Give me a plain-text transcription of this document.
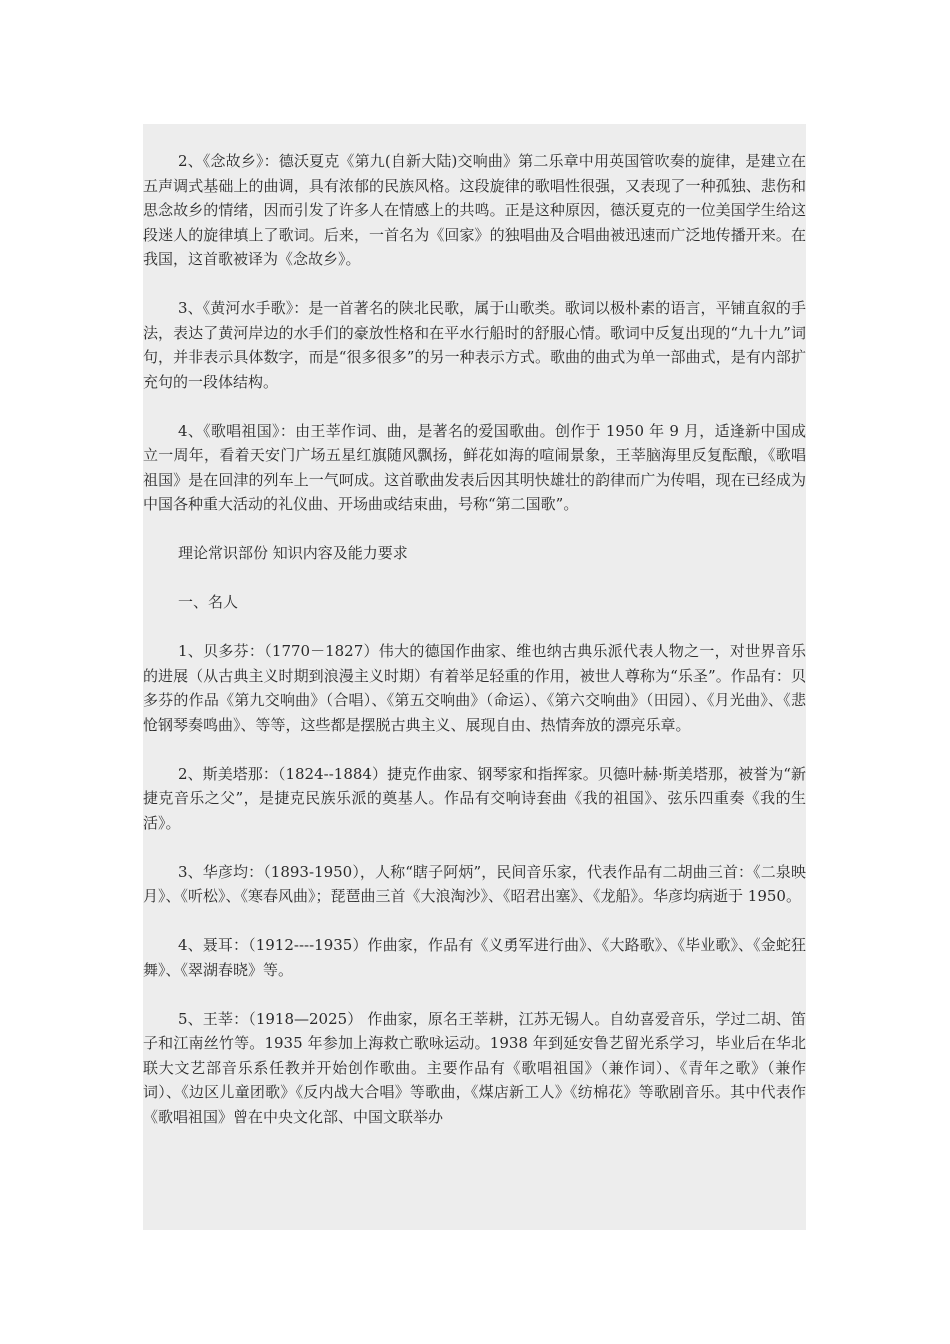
2、《念故乡》：德沃夏克《第九(自新大陆)交响曲》第二乐章中用英国管吹奏的旋律，是建立在五声调式基础上的曲调，具有浓郁的民族风格。这段旋律的歌唱性很强，又表现了一种孤独、悲伤和思念故乡的情绪，因而引发了许多人在情感上的共鸣。正是这种原因，德沃夏克的一位美国学生给这段迷人的旋律填上了歌词。后来，一首名为《回家》的独唱曲及合唱曲被迅速而广泛地传播开来。在我国，这首歌被译为《念故乡》。

3、《黄河水手歌》：是一首著名的陕北民歌，属于山歌类。歌词以极朴素的语言，平铺直叙的手法，表达了黄河岸边的水手们的豪放性格和在平水行船时的舒服心情。歌词中反复出现的“九十九”词句，并非表示具体数字，而是“很多很多”的另一种表示方式。歌曲的曲式为单一部曲式，是有内部扩充句的一段体结构。

4、《歌唱祖国》：由王莘作词、曲，是著名的爱国歌曲。创作于 1950 年 9 月，适逢新中国成立一周年，看着天安门广场五星红旗随风飘扬，鲜花如海的喧闹景象，王莘脑海里反复酝酿，《歌唱祖国》是在回津的列车上一气呵成。这首歌曲发表后因其明快雄壮的韵律而广为传唱，现在已经成为中国各种重大活动的礼仪曲、开场曲或结束曲，号称“第二国歌”。

理论常识部份 知识内容及能力要求

一、名人

1、贝多芬：（1770－1827）伟大的德国作曲家、维也纳古典乐派代表人物之一，对世界音乐的进展（从古典主义时期到浪漫主义时期）有着举足轻重的作用，被世人尊称为“乐圣”。作品有：贝多芬的作品《第九交响曲》（合唱）、《第五交响曲》（命运）、《第六交响曲》（田园）、《月光曲》、《悲怆钢琴奏鸣曲》、等等，这些都是摆脱古典主义、展现自由、热情奔放的漂亮乐章。

2、斯美塔那：（1824--1884）捷克作曲家、钢琴家和指挥家。贝德叶赫·斯美塔那，被誉为“新捷克音乐之父”，是捷克民族乐派的奠基人。作品有交响诗套曲《我的祖国》、弦乐四重奏《我的生活》。

3、华彦均：（1893-1950），人称“瞎子阿炳”，民间音乐家，代表作品有二胡曲三首：《二泉映月》、《听松》、《寒春风曲》；琵琶曲三首《大浪淘沙》、《昭君出塞》、《龙船》。华彦均病逝于 1950。

4、聂耳：（1912----1935）作曲家，作品有《义勇军进行曲》、《大路歌》、《毕业歌》、《金蛇狂舞》、《翠湖春晓》等。

5、王莘：（1918—2025） 作曲家，原名王莘耕，江苏无锡人。自幼喜爱音乐，学过二胡、笛子和江南丝竹等。1935 年参加上海救亡歌咏运动。1938 年到延安鲁艺留光系学习，毕业后在华北联大文艺部音乐系任教并开始创作歌曲。主要作品有《歌唱祖国》（兼作词）、《青年之歌》（兼作词）、《边区儿童团歌》《反内战大合唱》等歌曲，《煤店新工人》《纺棉花》等歌剧音乐。其中代表作《歌唱祖国》曾在中央文化部、中国文联举办
